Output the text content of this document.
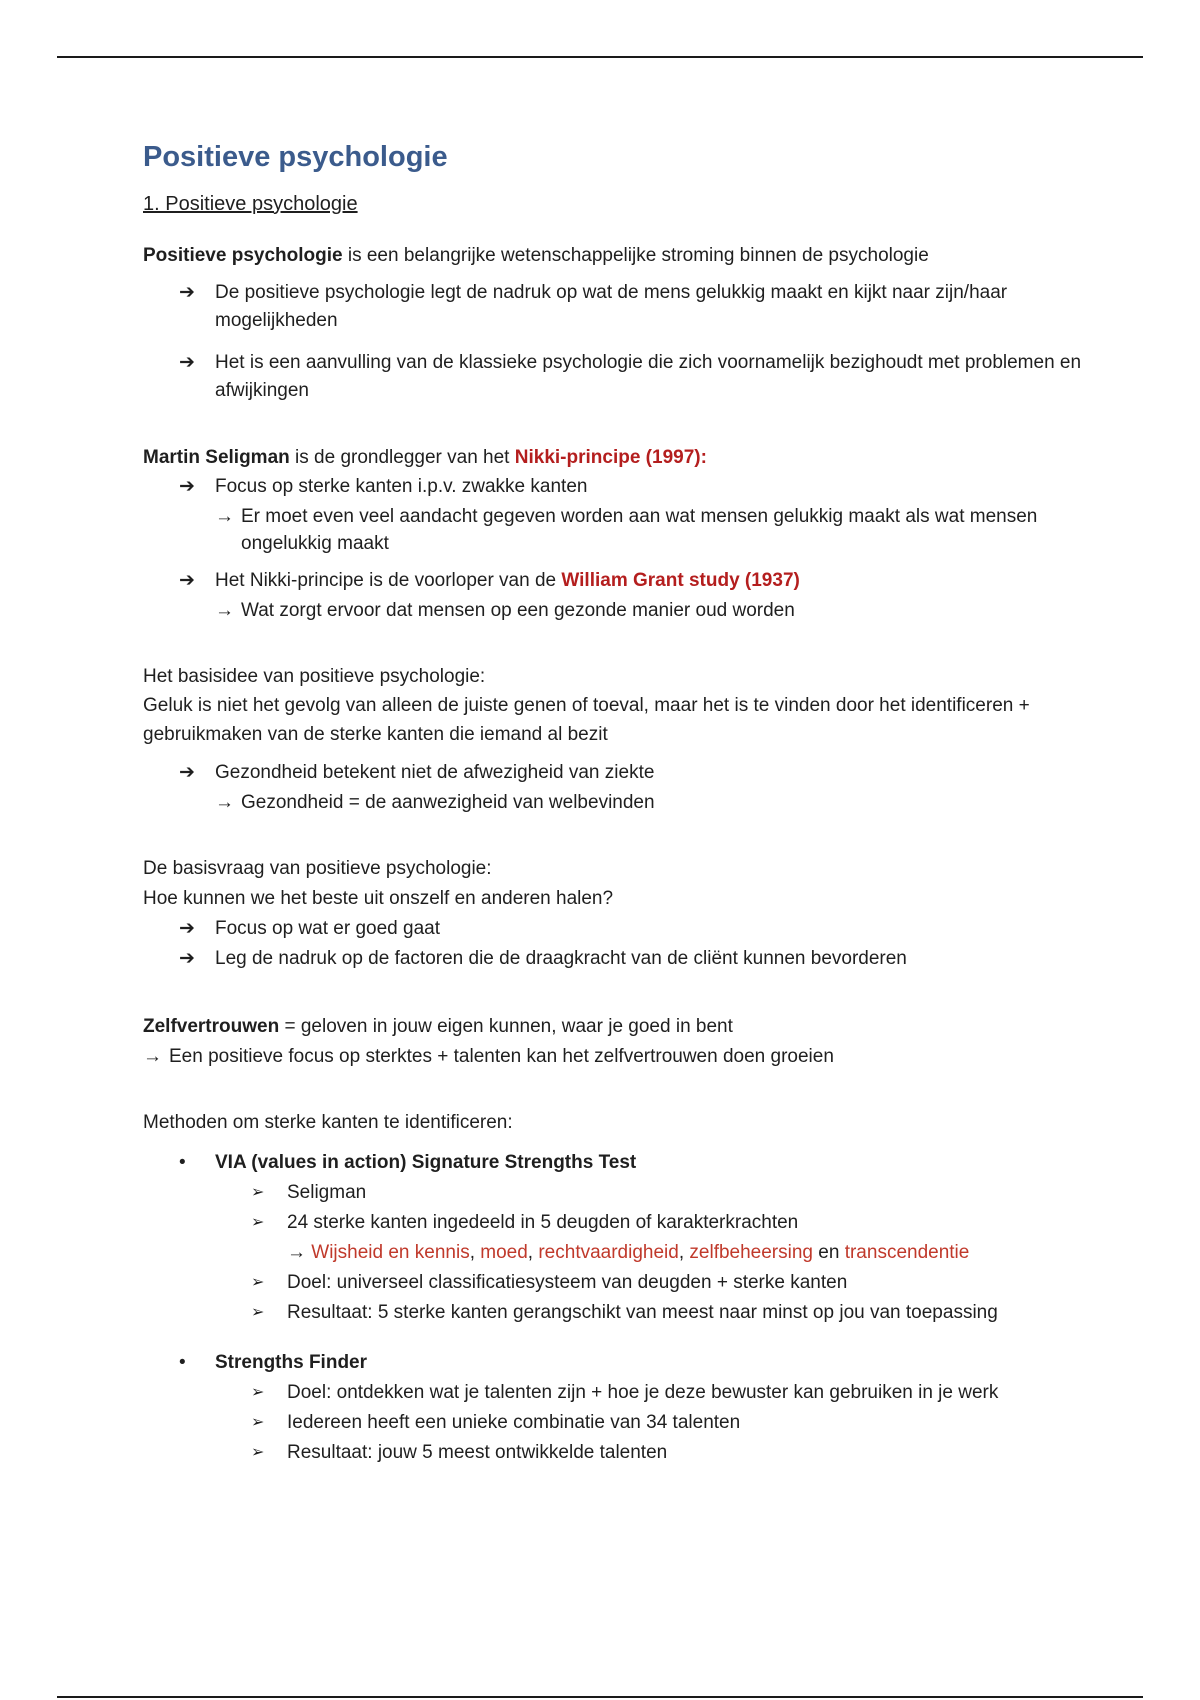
Positieve psychologie

1. Positieve psychologie

Positieve psychologie is een belangrijke wetenschappelijke stroming binnen de psychologie

➔	De positieve psychologie legt de nadruk op wat de mens gelukkig maakt en kijkt naar zijn/haar mogelijkheden
➔	Het is een aanvulling van de klassieke psychologie die zich voornamelijk bezighoudt met problemen en afwijkingen

Martin Seligman is de grondlegger van het Nikki-principe (1997):

➔	Focus op sterke kanten i.p.v. zwakke kanten
→ Er moet even veel aandacht gegeven worden aan wat mensen gelukkig maakt als wat mensen ongelukkig maakt
➔	Het Nikki-principe is de voorloper van de William Grant study (1937)
→ Wat zorgt ervoor dat mensen op een gezonde manier oud worden

Het basisidee van positieve psychologie:

Geluk is niet het gevolg van alleen de juiste genen of toeval, maar het is te vinden door het identificeren + gebruikmaken van de sterke kanten die iemand al bezit

➔	Gezondheid betekent niet de afwezigheid van ziekte
→ Gezondheid = de aanwezigheid van welbevinden

De basisvraag van positieve psychologie:

Hoe kunnen we het beste uit onszelf en anderen halen?

➔	Focus op wat er goed gaat
➔	Leg de nadruk op de factoren die de draagkracht van de cliënt kunnen bevorderen

Zelfvertrouwen = geloven in jouw eigen kunnen, waar je goed in bent

→ Een positieve focus op sterktes + talenten kan het zelfvertrouwen doen groeien

Methoden om sterke kanten te identificeren:

•	VIA (values in action) Signature Strengths Test
➢	Seligman
➢	24 sterke kanten ingedeeld in 5 deugden of karakterkrachten
→ Wijsheid en kennis, moed, rechtvaardigheid, zelfbeheersing en transcendentie
➢	Doel: universeel classificatiesysteem van deugden + sterke kanten
➢	Resultaat: 5 sterke kanten gerangschikt van meest naar minst op jou van toepassing
•	Strengths Finder
➢	Doel: ontdekken wat je talenten zijn + hoe je deze bewuster kan gebruiken in je werk
➢	Iedereen heeft een unieke combinatie van 34 talenten
➢	Resultaat: jouw 5 meest ontwikkelde talenten
